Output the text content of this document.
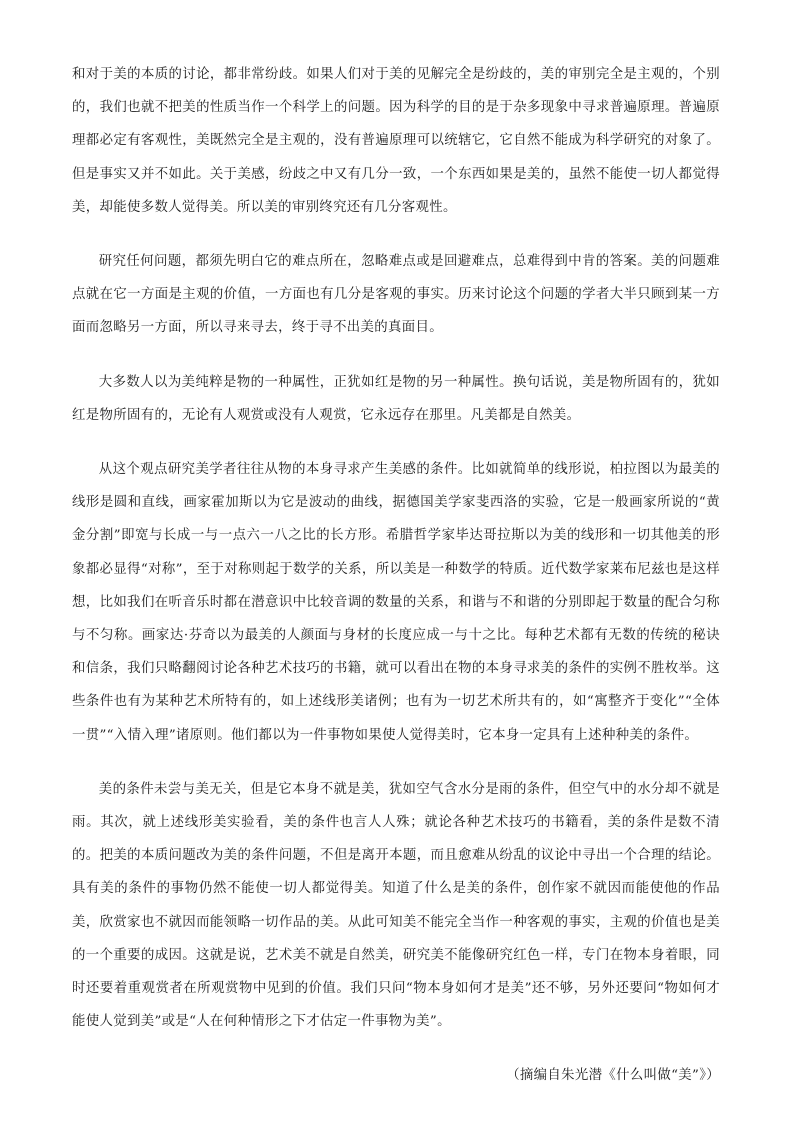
和对于美的本质的讨论，都非常纷歧。如果人们对于美的见解完全是纷歧的，美的审别完全是主观的，个别的，我们也就不把美的性质当作一个科学上的问题。因为科学的目的是于杂多现象中寻求普遍原理。普遍原理都必定有客观性，美既然完全是主观的，没有普遍原理可以统辖它，它自然不能成为科学研究的对象了。但是事实又并不如此。关于美感，纷歧之中又有几分一致，一个东西如果是美的，虽然不能使一切人都觉得美，却能使多数人觉得美。所以美的审别终究还有几分客观性。

研究任何问题，都须先明白它的难点所在，忽略难点或是回避难点，总难得到中肯的答案。美的问题难点就在它一方面是主观的价值，一方面也有几分是客观的事实。历来讨论这个问题的学者大半只顾到某一方面而忽略另一方面，所以寻来寻去，终于寻不出美的真面目。

大多数人以为美纯粹是物的一种属性，正犹如红是物的另一种属性。换句话说，美是物所固有的，犹如红是物所固有的，无论有人观赏或没有人观赏，它永远存在那里。凡美都是自然美。

从这个观点研究美学者往往从物的本身寻求产生美感的条件。比如就简单的线形说，柏拉图以为最美的线形是圆和直线，画家霍加斯以为它是波动的曲线，据德国美学家斐西洛的实验，它是一般画家所说的“黄金分割”即宽与长成一与一点六一八之比的长方形。希腊哲学家毕达哥拉斯以为美的线形和一切其他美的形象都必显得“对称”，至于对称则起于数学的关系，所以美是一种数学的特质。近代数学家莱布尼兹也是这样想，比如我们在听音乐时都在潜意识中比较音调的数量的关系，和谐与不和谐的分别即起于数量的配合匀称与不匀称。画家达·芬奇以为最美的人颜面与身材的长度应成一与十之比。每种艺术都有无数的传统的秘诀和信条，我们只略翻阅讨论各种艺术技巧的书籍，就可以看出在物的本身寻求美的条件的实例不胜枚举。这些条件也有为某种艺术所特有的，如上述线形美诸例；也有为一切艺术所共有的，如“寓整齐于变化”“全体一贯”“入情入理”诸原则。他们都以为一件事物如果使人觉得美时，它本身一定具有上述种种美的条件。

美的条件未尝与美无关，但是它本身不就是美，犹如空气含水分是雨的条件，但空气中的水分却不就是雨。其次，就上述线形美实验看，美的条件也言人人殊；就论各种艺术技巧的书籍看，美的条件是数不清的。把美的本质问题改为美的条件问题，不但是离开本题，而且愈难从纷乱的议论中寻出一个合理的结论。具有美的条件的事物仍然不能使一切人都觉得美。知道了什么是美的条件，创作家不就因而能使他的作品美，欣赏家也不就因而能领略一切作品的美。从此可知美不能完全当作一种客观的事实，主观的价值也是美的一个重要的成因。这就是说，艺术美不就是自然美，研究美不能像研究红色一样，专门在物本身着眼，同时还要着重观赏者在所观赏物中见到的价值。我们只问“物本身如何才是美”还不够，另外还要问“物如何才能使人觉到美”或是“人在何种情形之下才估定一件事物为美”。

（摘编自朱光潜《什么叫做“美”》）
